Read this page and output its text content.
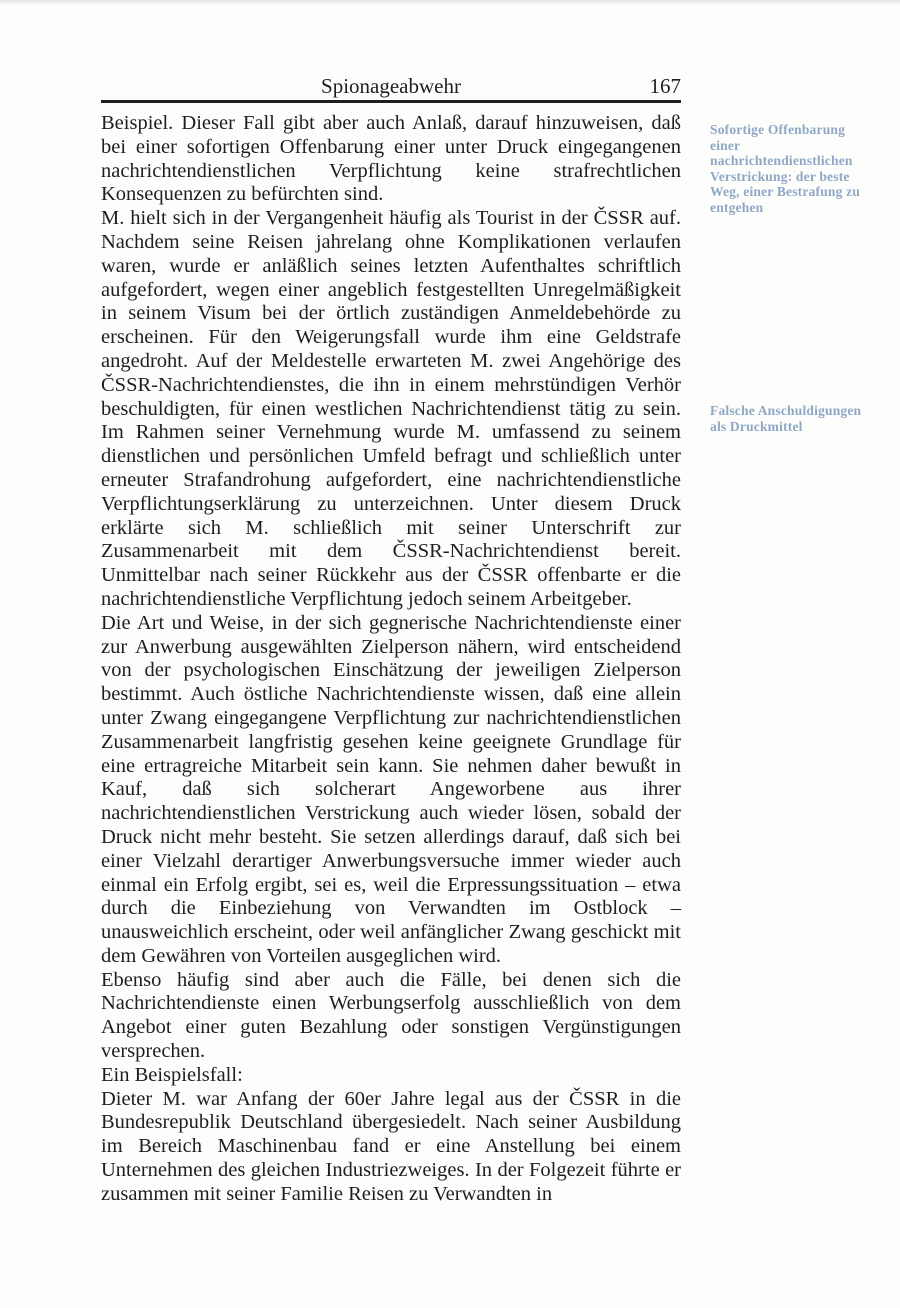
Spionageabwehr	167

Beispiel. Dieser Fall gibt aber auch Anlaß, darauf hinzuweisen, daß bei einer sofortigen Offenbarung einer unter Druck eingegangenen nachrichtendienstlichen Verpflichtung keine strafrechtlichen Konsequenzen zu befürchten sind.

M. hielt sich in der Vergangenheit häufig als Tourist in der ČSSR auf. Nachdem seine Reisen jahrelang ohne Komplikationen verlaufen waren, wurde er anläßlich seines letzten Aufenthaltes schriftlich aufgefordert, wegen einer angeblich festgestellten Unregelmäßigkeit in seinem Visum bei der örtlich zuständigen Anmeldebehörde zu erscheinen. Für den Weigerungsfall wurde ihm eine Geldstrafe angedroht. Auf der Meldestelle erwarteten M. zwei Angehörige des ČSSR-Nachrichtendienstes, die ihn in einem mehrstündigen Verhör beschuldigten, für einen westlichen Nachrichtendienst tätig zu sein. Im Rahmen seiner Vernehmung wurde M. umfassend zu seinem dienstlichen und persönlichen Umfeld befragt und schließlich unter erneuter Strafandrohung aufgefordert, eine nachrichtendienstliche Verpflichtungserklärung zu unterzeichnen. Unter diesem Druck erklärte sich M. schließlich mit seiner Unterschrift zur Zusammenarbeit mit dem ČSSR-Nachrichtendienst bereit. Unmittelbar nach seiner Rückkehr aus der ČSSR offenbarte er die nachrichtendienstliche Verpflichtung jedoch seinem Arbeitgeber.

Die Art und Weise, in der sich gegnerische Nachrichtendienste einer zur Anwerbung ausgewählten Zielperson nähern, wird entscheidend von der psychologischen Einschätzung der jeweiligen Zielperson bestimmt. Auch östliche Nachrichtendienste wissen, daß eine allein unter Zwang eingegangene Verpflichtung zur nachrichtendienstlichen Zusammenarbeit langfristig gesehen keine geeignete Grundlage für eine ertragreiche Mitarbeit sein kann. Sie nehmen daher bewußt in Kauf, daß sich solcherart Angeworbene aus ihrer nachrichtendienstlichen Verstrickung auch wieder lösen, sobald der Druck nicht mehr besteht. Sie setzen allerdings darauf, daß sich bei einer Vielzahl derartiger Anwerbungsversuche immer wieder auch einmal ein Erfolg ergibt, sei es, weil die Erpressungssituation – etwa durch die Einbeziehung von Verwandten im Ostblock – unausweichlich erscheint, oder weil anfänglicher Zwang geschickt mit dem Gewähren von Vorteilen ausgeglichen wird.

Ebenso häufig sind aber auch die Fälle, bei denen sich die Nachrichtendienste einen Werbungserfolg ausschließlich von dem Angebot einer guten Bezahlung oder sonstigen Vergünstigungen versprechen.

Ein Beispielsfall:

Dieter M. war Anfang der 60er Jahre legal aus der ČSSR in die Bundesrepublik Deutschland übergesiedelt. Nach seiner Ausbildung im Bereich Maschinenbau fand er eine Anstellung bei einem Unternehmen des gleichen Industriezweiges. In der Folgezeit führte er zusammen mit seiner Familie Reisen zu Verwandten in

Sofortige Offenbarung einer nachrichtendienstlichen Verstrickung: der beste Weg, einer Bestrafung zu entgehen
Falsche Anschuldigungen als Druckmittel
